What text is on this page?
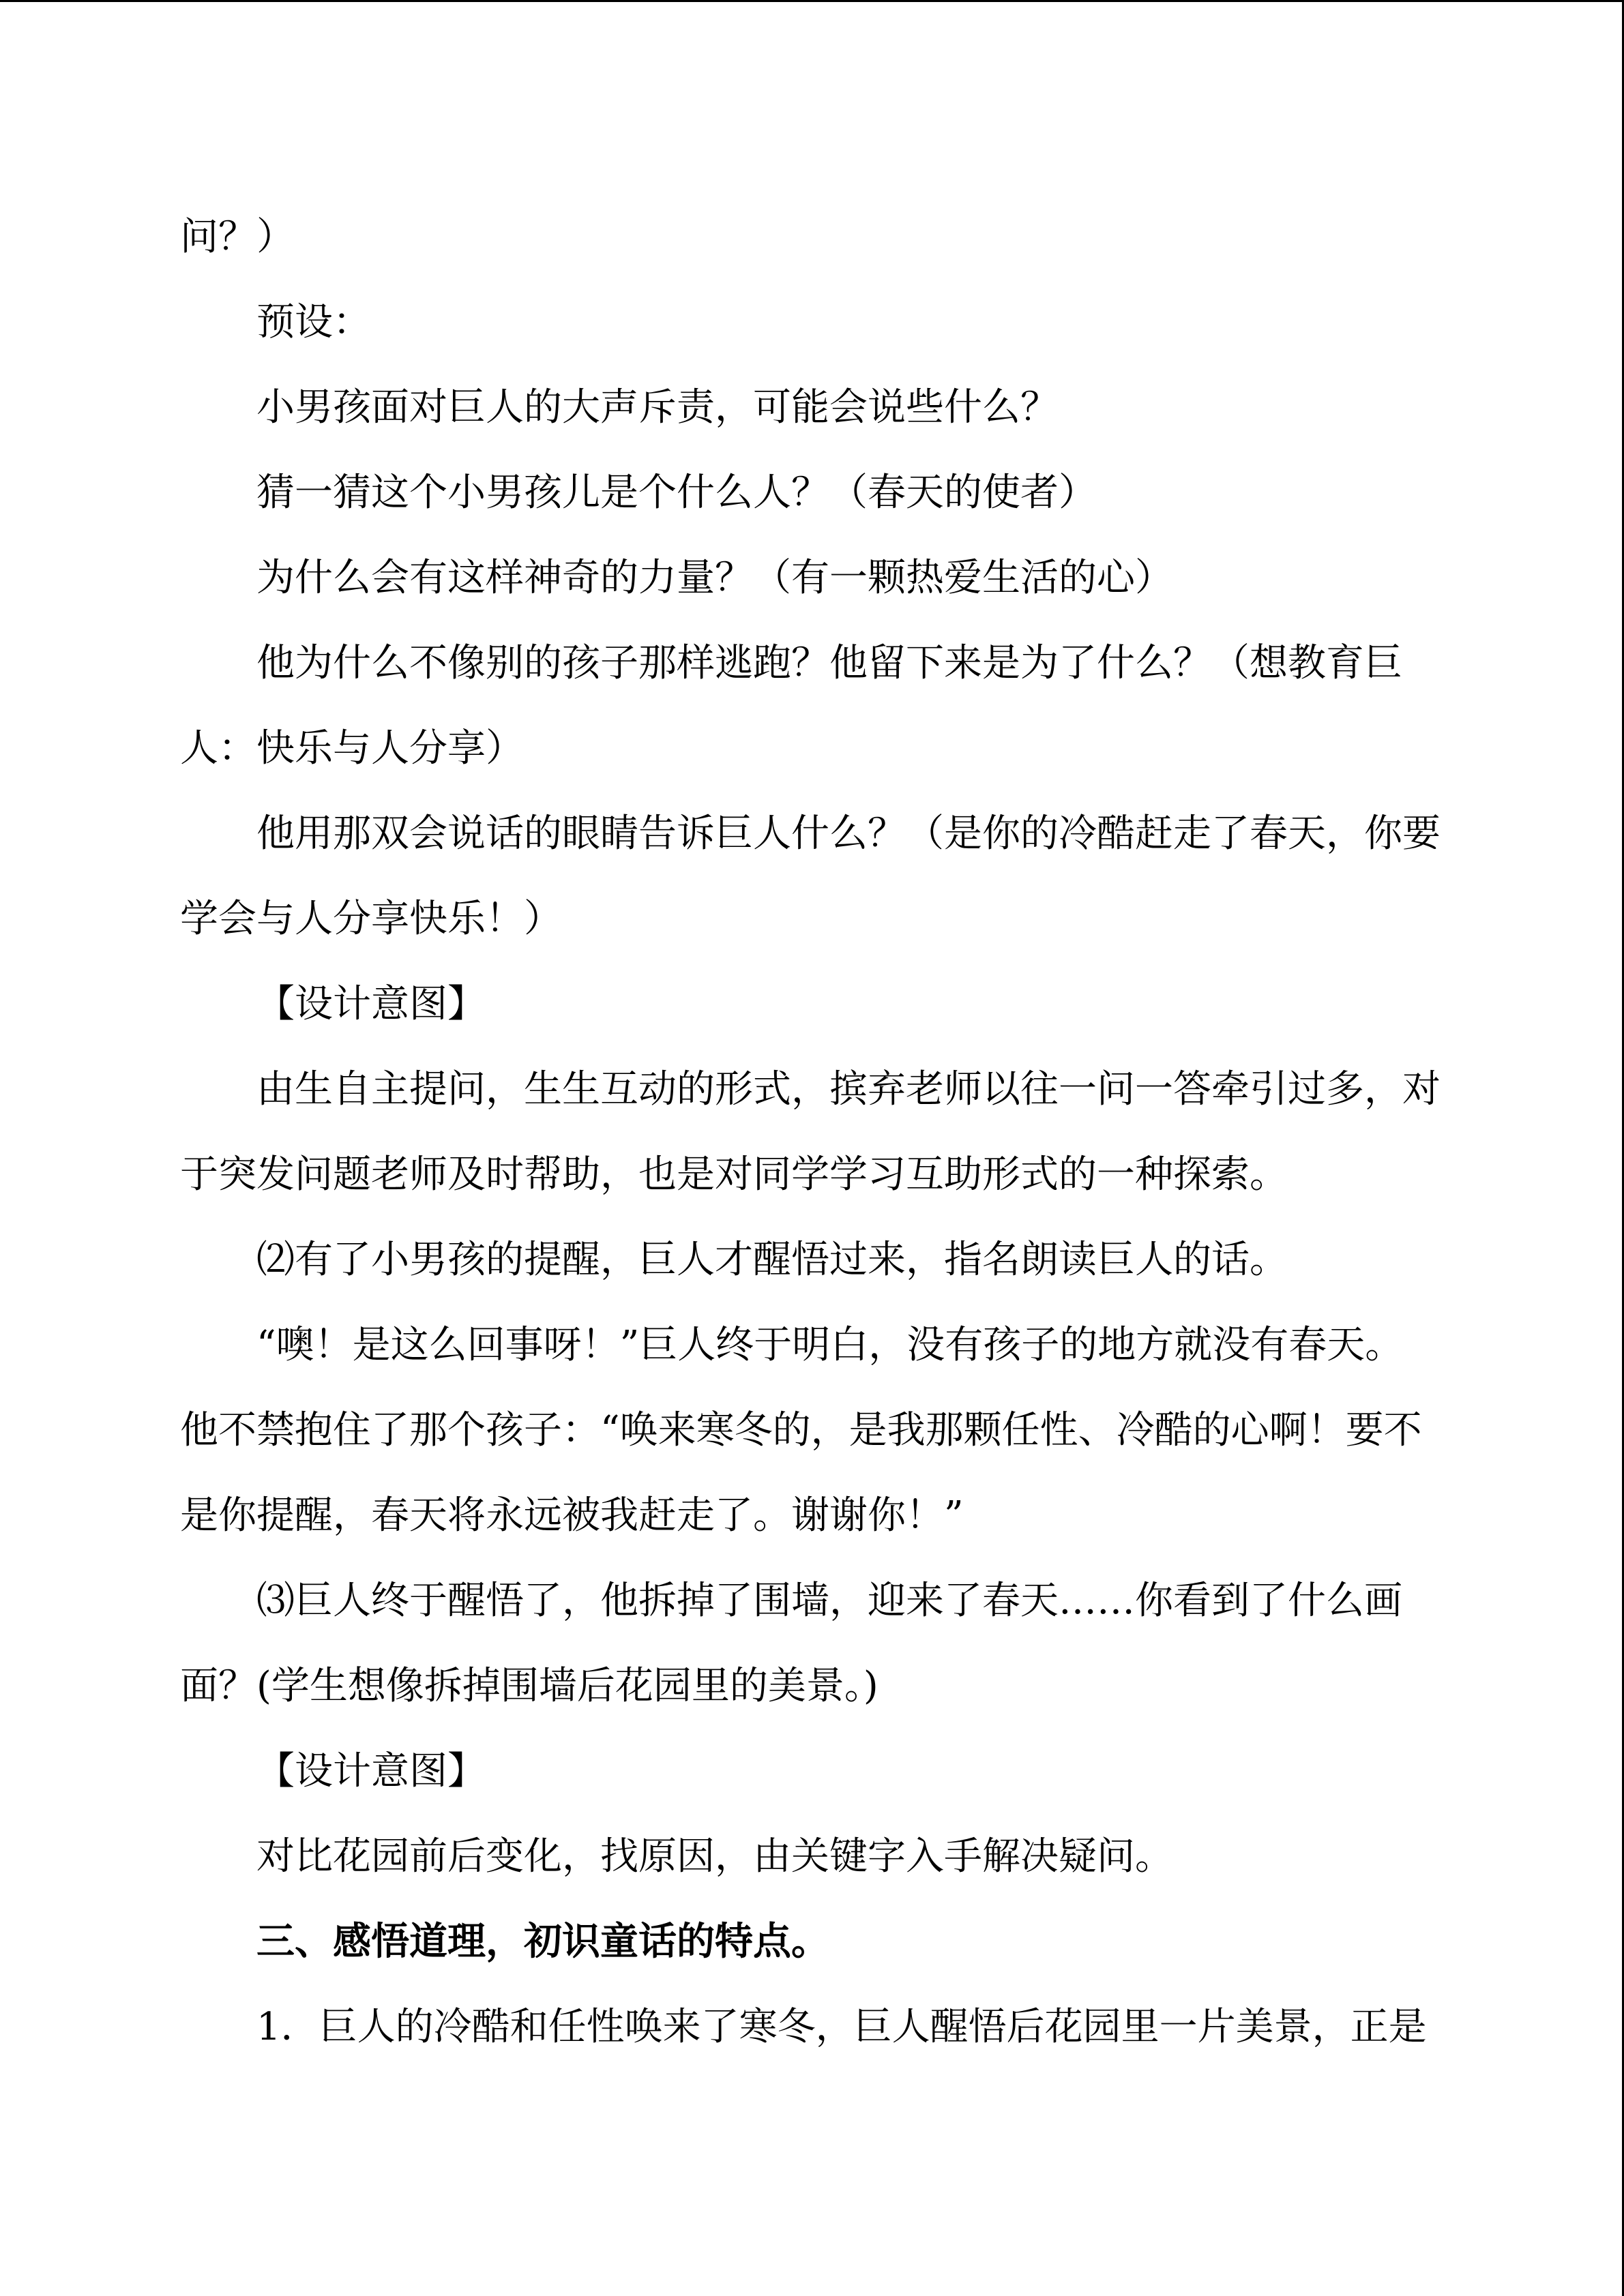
问？）
预设：
小男孩面对巨人的大声斥责，可能会说些什么？
猜一猜这个小男孩儿是个什么人？（春天的使者）
为什么会有这样神奇的力量？（有一颗热爱生活的心）
他为什么不像别的孩子那样逃跑？他留下来是为了什么？（想教育巨
人：快乐与人分享）
他用那双会说话的眼睛告诉巨人什么？（是你的冷酷赶走了春天，你要
学会与人分享快乐！）
【设计意图】
由生自主提问，生生互动的形式，摈弃老师以往一问一答牵引过多，对
于突发问题老师及时帮助，也是对同学学习互助形式的一种探索。
⑵有了小男孩的提醒，巨人才醒悟过来，指名朗读巨人的话。
“噢！是这么回事呀！”巨人终于明白，没有孩子的地方就没有春天。
他不禁抱住了那个孩子：“唤来寒冬的，是我那颗任性、冷酷的心啊！要不
是你提醒，春天将永远被我赶走了。谢谢你！”
⑶巨人终于醒悟了，他拆掉了围墙，迎来了春天……你看到了什么画
面？(学生想像拆掉围墙后花园里的美景。)
【设计意图】
对比花园前后变化，找原因，由关键字入手解决疑问。
三、感悟道理，初识童话的特点。
1．巨人的冷酷和任性唤来了寒冬，巨人醒悟后花园里一片美景，正是
